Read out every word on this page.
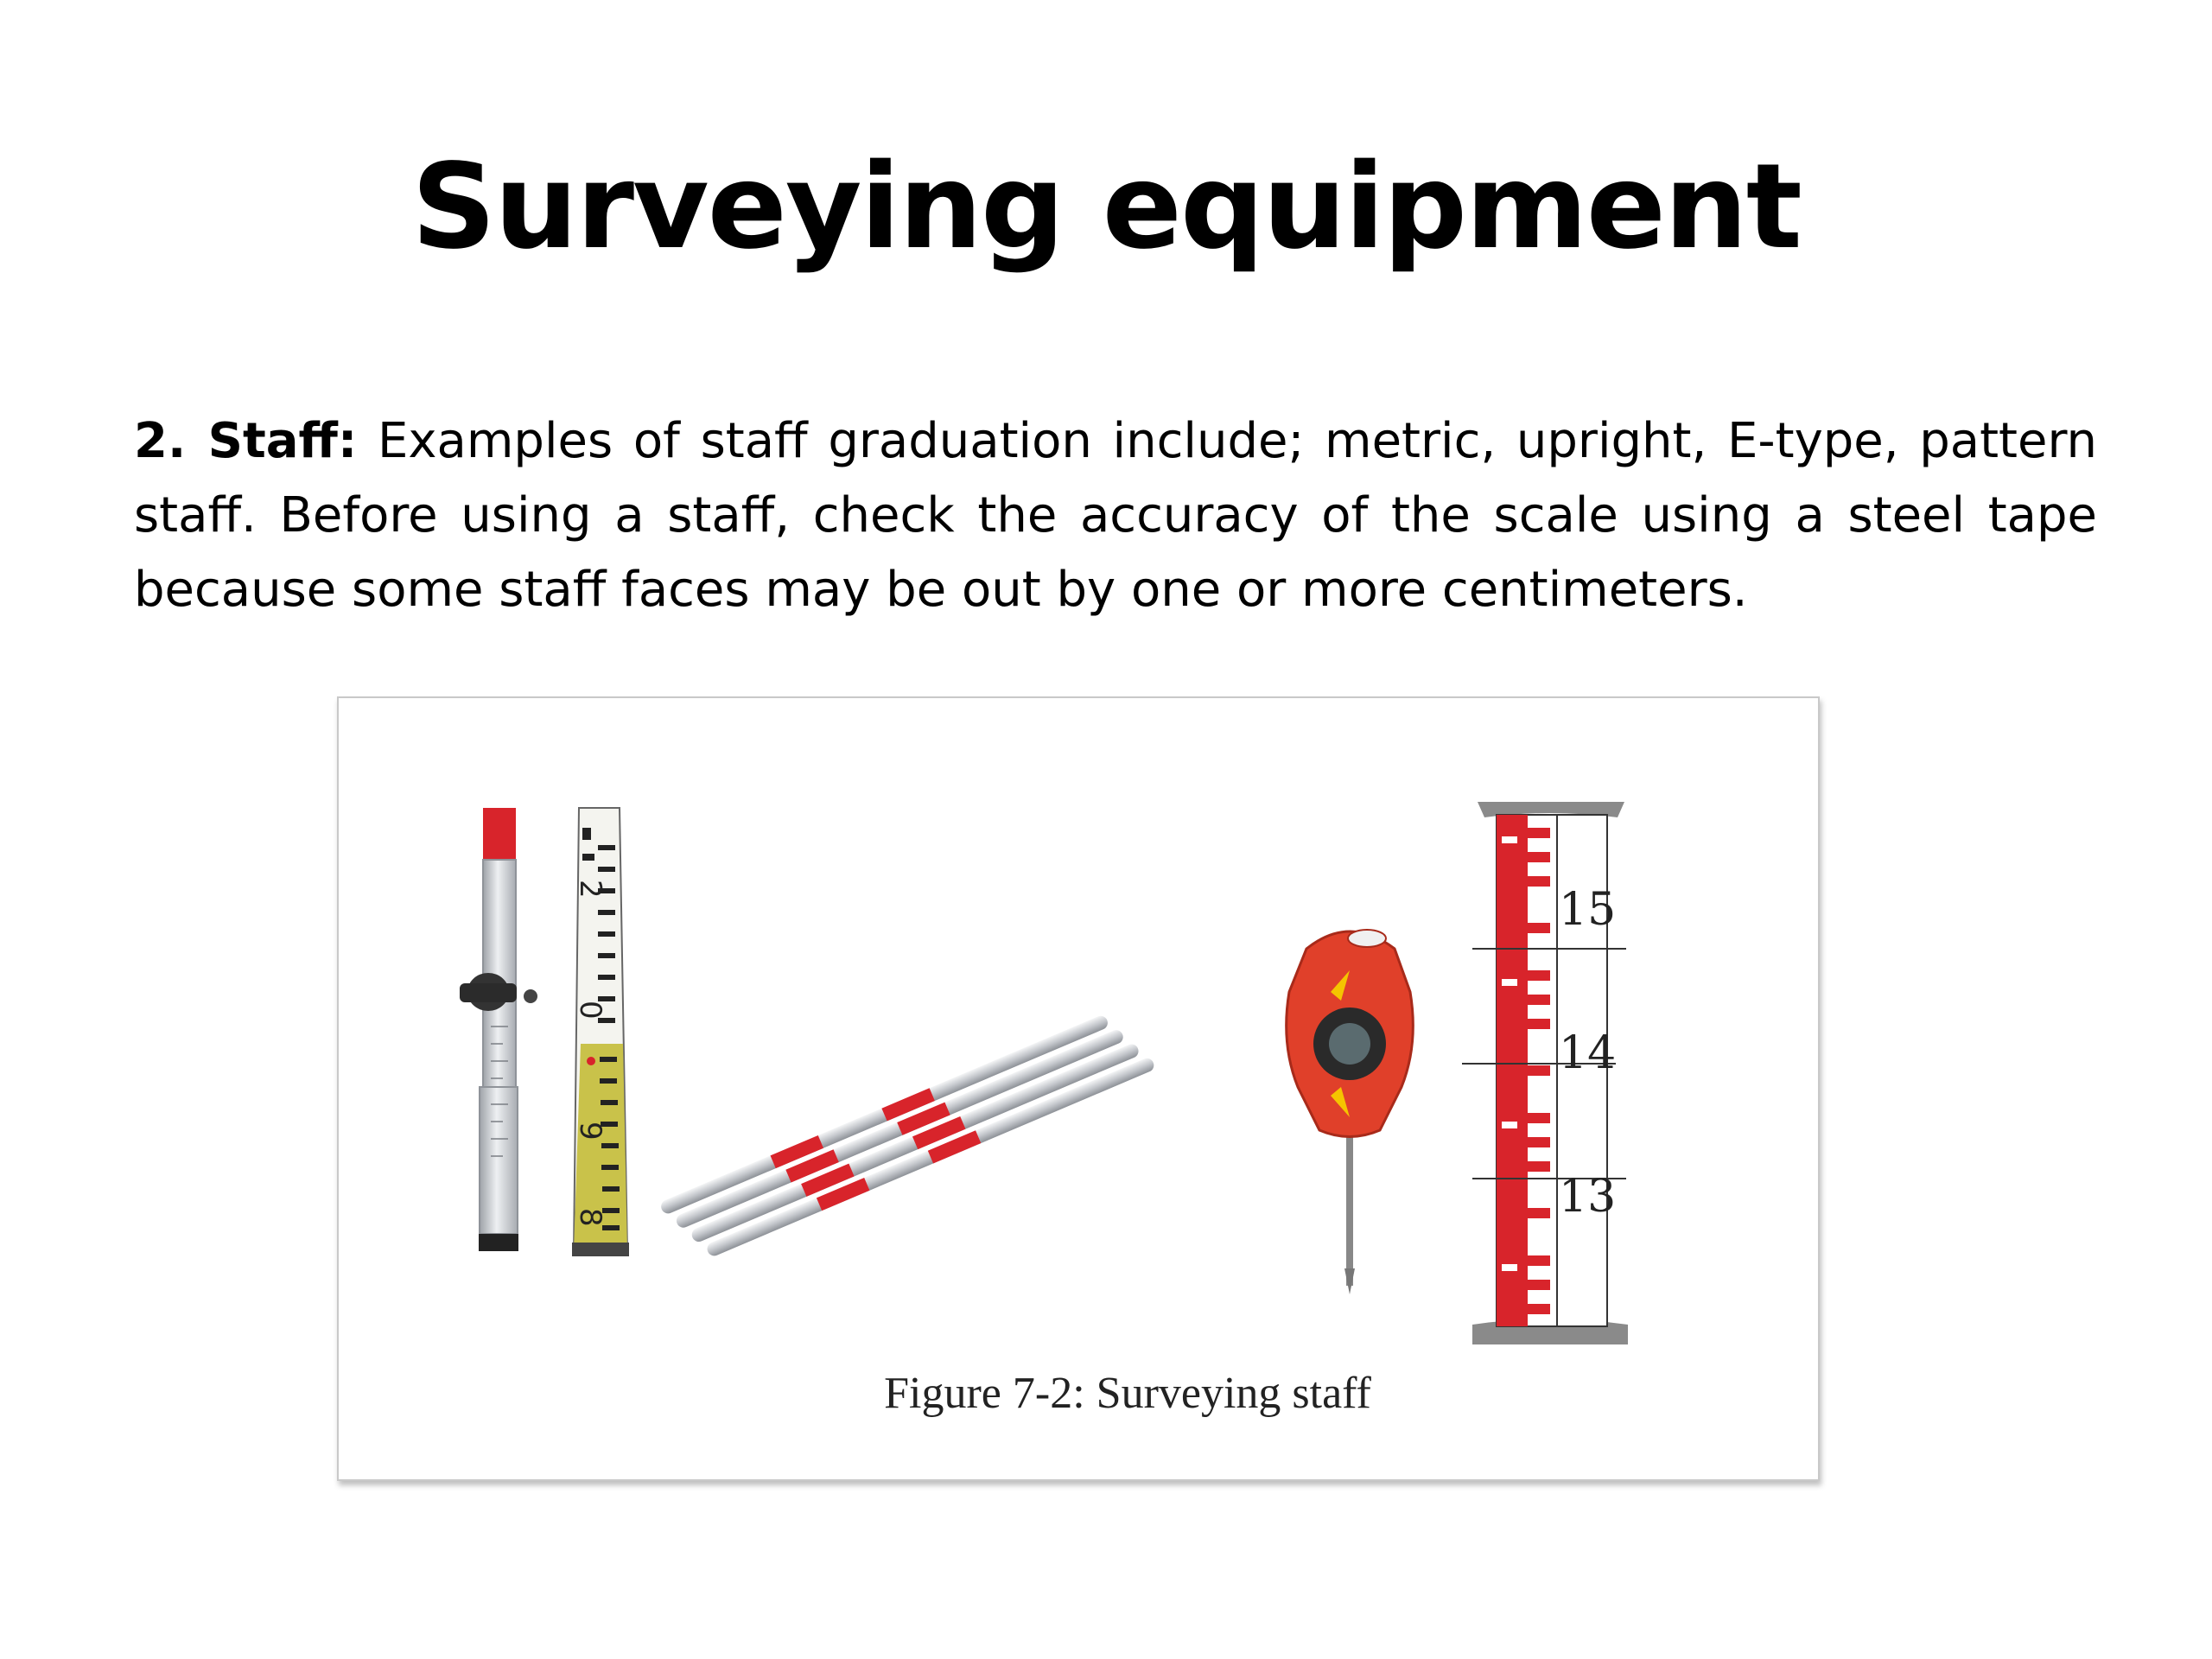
Surveying equipment

2. Staff: Examples of staff graduation include; metric, upright, E-type, pattern staff. Before using a staff, check the accuracy of the scale using a steel tape because some staff faces may be out by one or more centimeters.

2
0
9
8
15
14
13
Figure 7-2: Surveying staff
